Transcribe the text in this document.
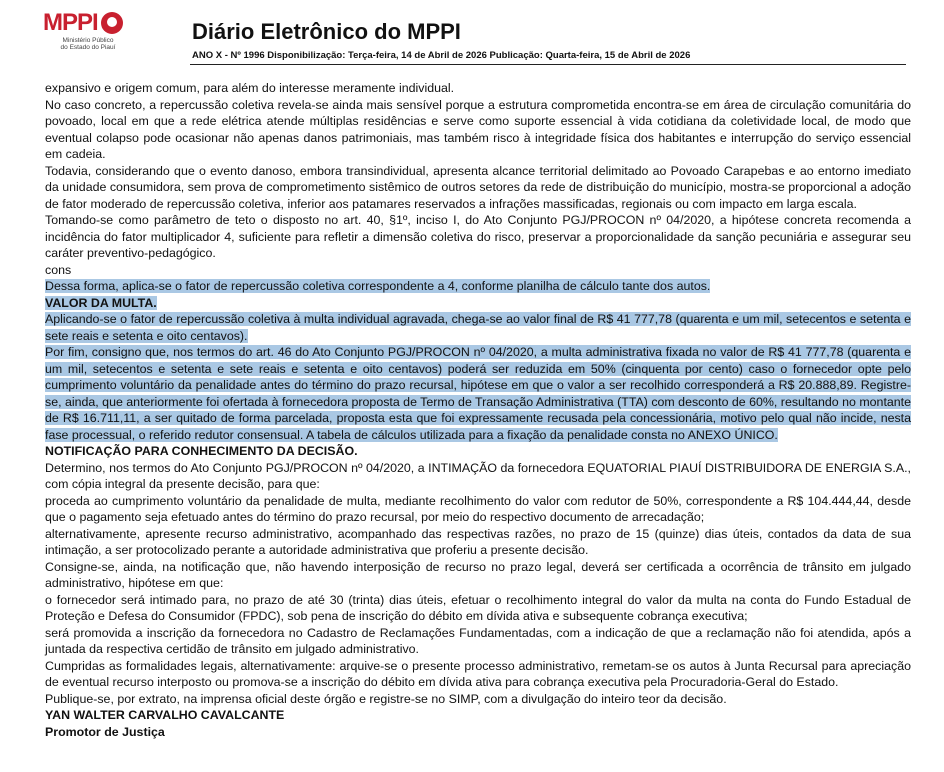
MPPI
Ministério Público
do Estado do Piauí
Diário Eletrônico do MPPI
ANO X - Nº 1996 Disponibilização: Terça-feira, 14 de Abril de 2026 Publicação: Quarta-feira, 15 de Abril de 2026

expansivo e origem comum, para além do interesse meramente individual.

No caso concreto, a repercussão coletiva revela-se ainda mais sensível porque a estrutura comprometida encontra-se em área de circulação comunitária do povoado, local em que a rede elétrica atende múltiplas residências e serve como suporte essencial à vida cotidiana da coletividade local, de modo que eventual colapso pode ocasionar não apenas danos patrimoniais, mas também risco à integridade física dos habitantes e interrupção do serviço essencial em cadeia.

Todavia, considerando que o evento danoso, embora transindividual, apresenta alcance territorial delimitado ao Povoado Carapebas e ao entorno imediato da unidade consumidora, sem prova de comprometimento sistêmico de outros setores da rede de distribuição do município, mostra-se proporcional a adoção de fator moderado de repercussão coletiva, inferior aos patamares reservados a infrações massificadas, regionais ou com impacto em larga escala.

Tomando-se como parâmetro de teto o disposto no art. 40, §1º, inciso I, do Ato Conjunto PGJ/PROCON nº 04/2020, a hipótese concreta recomenda a incidência do fator multiplicador 4, suficiente para refletir a dimensão coletiva do risco, preservar a proporcionalidade da sanção pecuniária e assegurar seu caráter preventivo-pedagógico.

cons

Dessa forma, aplica-se o fator de repercussão coletiva correspondente a 4, conforme planilha de cálculo tante dos autos.

VALOR DA MULTA.

Aplicando-se o fator de repercussão coletiva à multa individual agravada, chega-se ao valor final de R$ 41 777,78 (quarenta e um mil, setecentos e setenta e sete reais e setenta e oito centavos).

Por fim, consigno que, nos termos do art. 46 do Ato Conjunto PGJ/PROCON nº 04/2020, a multa administrativa fixada no valor de R$ 41 777,78 (quarenta e um mil, setecentos e setenta e sete reais e setenta e oito centavos) poderá ser reduzida em 50% (cinquenta por cento) caso o fornecedor opte pelo cumprimento voluntário da penalidade antes do término do prazo recursal, hipótese em que o valor a ser recolhido corresponderá a R$ 20.888,89. Registre-se, ainda, que anteriormente foi ofertada à fornecedora proposta de Termo de Transação Administrativa (TTA) com desconto de 60%, resultando no montante de R$ 16.711,11, a ser quitado de forma parcelada, proposta esta que foi expressamente recusada pela concessionária, motivo pelo qual não incide, nesta fase processual, o referido redutor consensual. A tabela de cálculos utilizada para a fixação da penalidade consta no ANEXO ÚNICO.

NOTIFICAÇÃO PARA CONHECIMENTO DA DECISÃO.

Determino, nos termos do Ato Conjunto PGJ/PROCON nº 04/2020, a INTIMAÇÃO da fornecedora EQUATORIAL PIAUÍ DISTRIBUIDORA DE ENERGIA S.A., com cópia integral da presente decisão, para que:

proceda ao cumprimento voluntário da penalidade de multa, mediante recolhimento do valor com redutor de 50%, correspondente a R$ 104.444,44, desde que o pagamento seja efetuado antes do término do prazo recursal, por meio do respectivo documento de arrecadação;

alternativamente, apresente recurso administrativo, acompanhado das respectivas razões, no prazo de 15 (quinze) dias úteis, contados da data de sua intimação, a ser protocolizado perante a autoridade administrativa que proferiu a presente decisão.

Consigne-se, ainda, na notificação que, não havendo interposição de recurso no prazo legal, deverá ser certificada a ocorrência de trânsito em julgado administrativo, hipótese em que:

o fornecedor será intimado para, no prazo de até 30 (trinta) dias úteis, efetuar o recolhimento integral do valor da multa na conta do Fundo Estadual de Proteção e Defesa do Consumidor (FPDC), sob pena de inscrição do débito em dívida ativa e subsequente cobrança executiva;

será promovida a inscrição da fornecedora no Cadastro de Reclamações Fundamentadas, com a indicação de que a reclamação não foi atendida, após a juntada da respectiva certidão de trânsito em julgado administrativo.

Cumpridas as formalidades legais, alternativamente: arquive-se o presente processo administrativo, remetam-se os autos à Junta Recursal para apreciação de eventual recurso interposto ou promova-se a inscrição do débito em dívida ativa para cobrança executiva pela Procuradoria-Geral do Estado.

Publique-se, por extrato, na imprensa oficial deste órgão e registre-se no SIMP, com a divulgação do inteiro teor da decisão.

YAN WALTER CARVALHO CAVALCANTE

Promotor de Justiça
